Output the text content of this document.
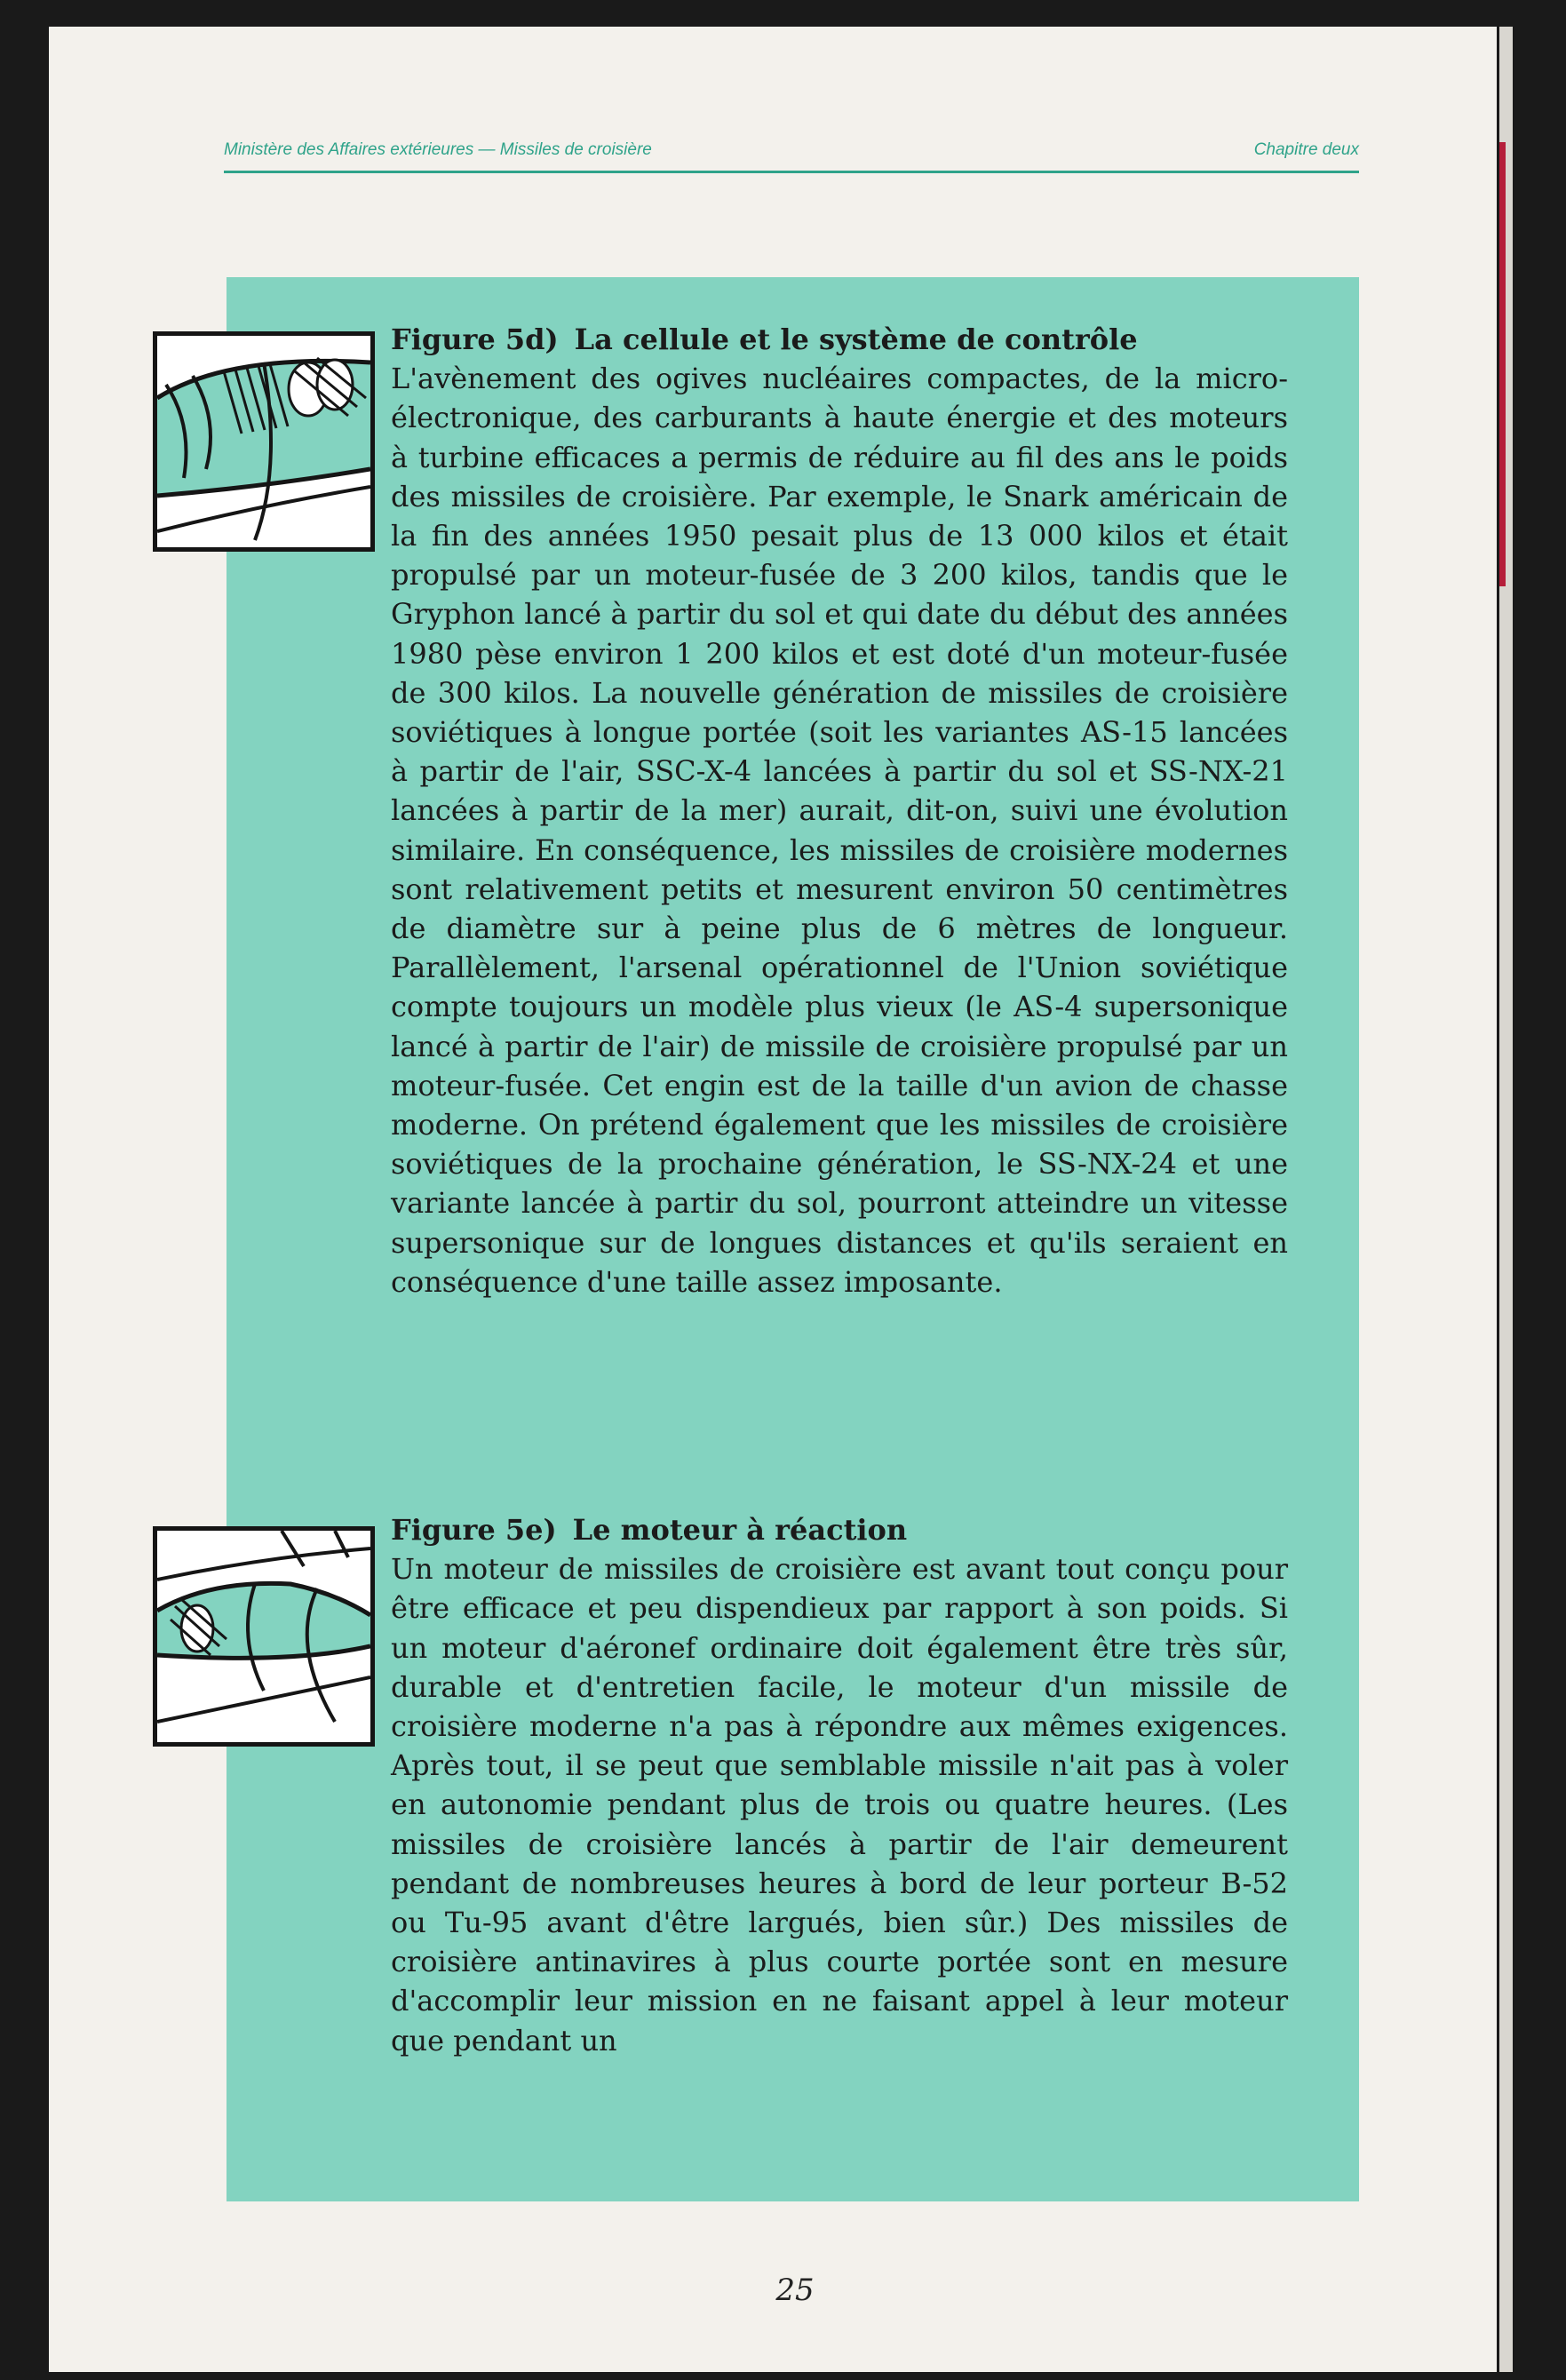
Ministère des Affaires extérieures — Missiles de croisière	Chapitre deux
Figure 5d) La cellule et le système de contrôle
L'avènement des ogives nucléaires compactes, de la micro-électronique, des carburants à haute énergie et des moteurs à turbine efficaces a permis de réduire au fil des ans le poids des missiles de croisière. Par exemple, le Snark américain de la fin des années 1950 pesait plus de 13 000 kilos et était propulsé par un moteur-fusée de 3 200 kilos, tandis que le Gryphon lancé à partir du sol et qui date du début des années 1980 pèse environ 1 200 kilos et est doté d'un moteur-fusée de 300 kilos. La nouvelle génération de missiles de croisière soviétiques à longue portée (soit les variantes AS-15 lancées à partir de l'air, SSC-X-4 lancées à partir du sol et SS-NX-21 lancées à partir de la mer) aurait, dit-on, suivi une évolution similaire. En conséquence, les missiles de croisière modernes sont relativement petits et mesurent environ 50 centimètres de diamètre sur à peine plus de 6 mètres de longueur. Parallèlement, l'arsenal opérationnel de l'Union soviétique compte toujours un modèle plus vieux (le AS-4 supersonique lancé à partir de l'air) de missile de croisière propulsé par un moteur-fusée. Cet engin est de la taille d'un avion de chasse moderne. On prétend également que les missiles de croisière soviétiques de la prochaine génération, le SS-NX-24 et une variante lancée à partir du sol, pourront atteindre un vitesse supersonique sur de longues distances et qu'ils seraient en conséquence d'une taille assez imposante.
Figure 5e) Le moteur à réaction
Un moteur de missiles de croisière est avant tout conçu pour être efficace et peu dispendieux par rapport à son poids. Si un moteur d'aéronef ordinaire doit également être très sûr, durable et d'entretien facile, le moteur d'un missile de croisière moderne n'a pas à répondre aux mêmes exigences. Après tout, il se peut que semblable missile n'ait pas à voler en autonomie pendant plus de trois ou quatre heures. (Les missiles de croisière lancés à partir de l'air demeurent pendant de nombreuses heures à bord de leur porteur B-52 ou Tu-95 avant d'être largués, bien sûr.) Des missiles de croisière antinavires à plus courte portée sont en mesure d'accomplir leur mission en ne faisant appel à leur moteur que pendant un
25
